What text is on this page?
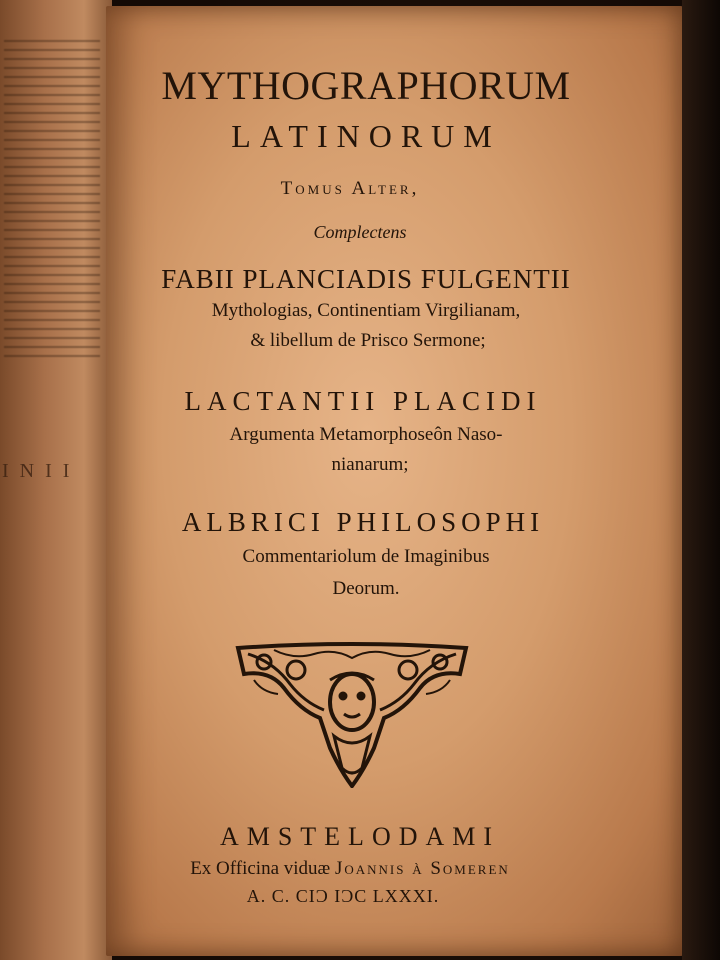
I N I I
MYTHOGRAPHORUM
LATINORUM
Tomus Alter,
Complectens
FABII PLANCIADIS FULGENTII
Mythologias, Continentiam Virgilianam,
& libellum de Prisco Sermone;
LACTANTII PLACIDI
Argumenta Metamorphoseôn Naso-
nianarum;
ALBRICI PHILOSOPHI
Commentariolum de Imaginibus
Deorum.
AMSTELODAMI
Ex Officina viduæ Joannis à Someren
A. C. CIƆ IƆC LXXXI.
